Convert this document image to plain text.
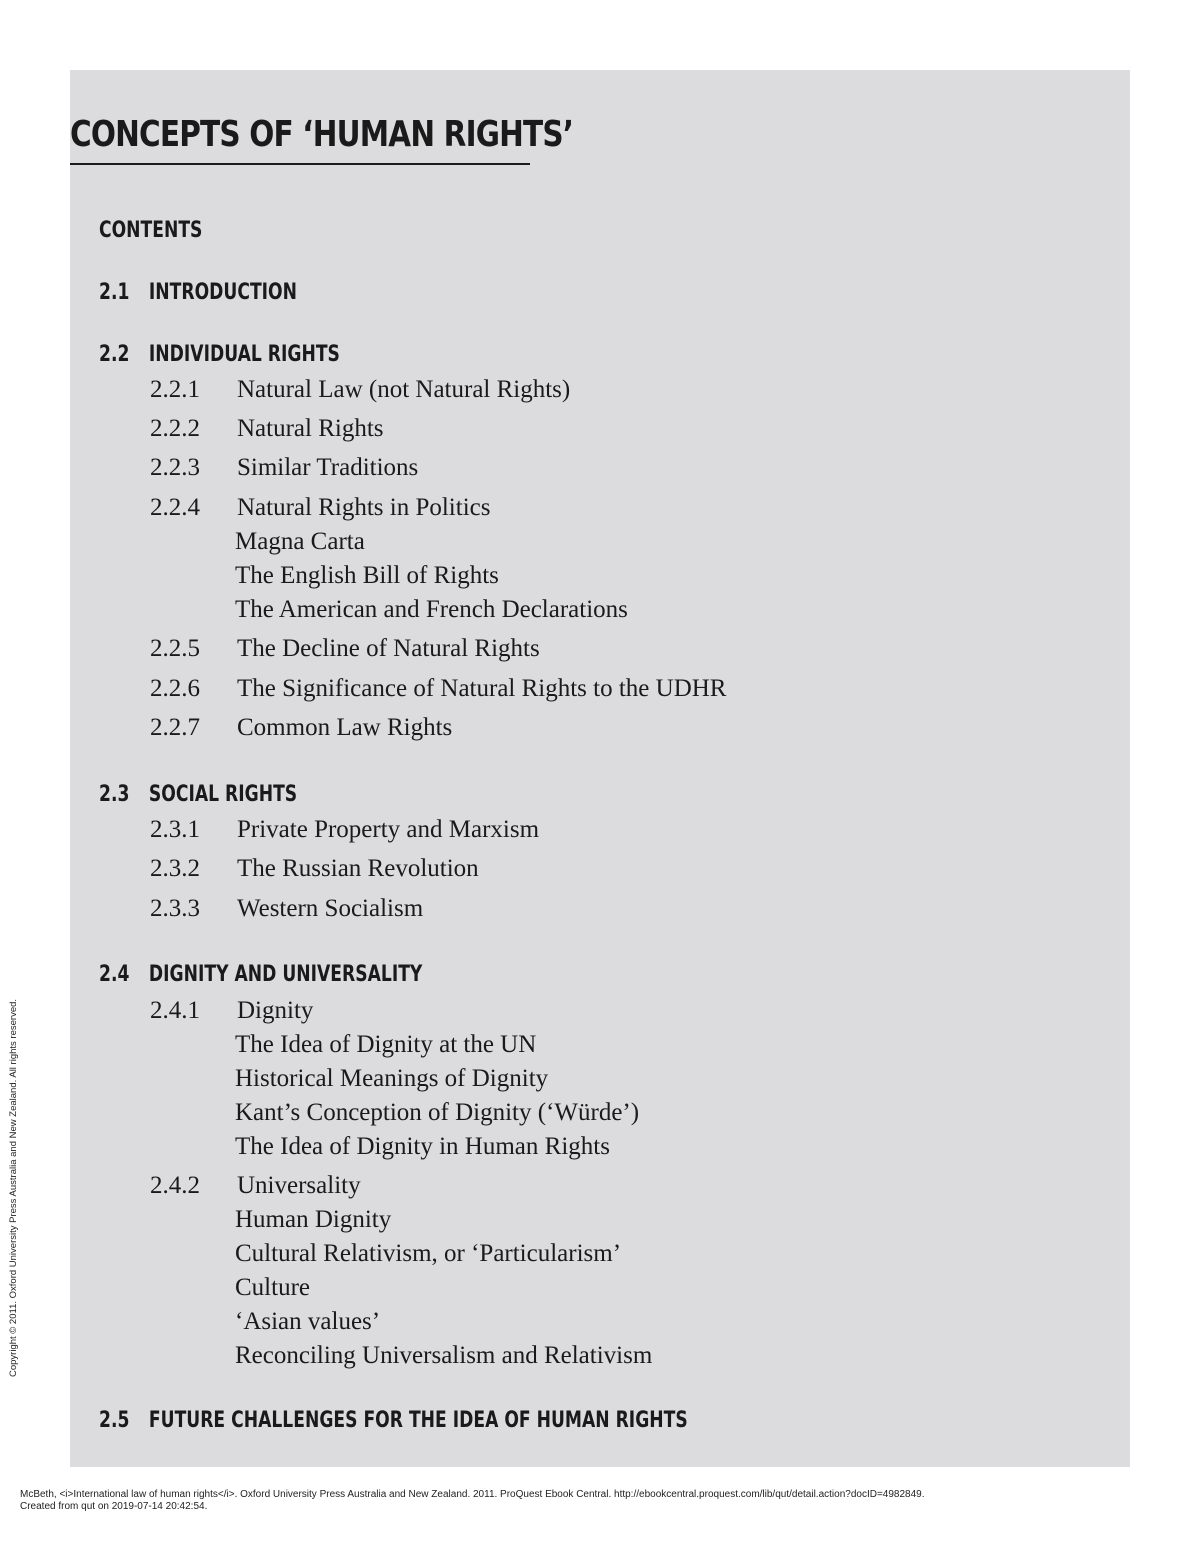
CONCEPTS OF ‘HUMAN RIGHTS’
CONTENTS
2.1 INTRODUCTION
2.2 INDIVIDUAL RIGHTS

2.2.1 Natural Law (not Natural Rights)

2.2.2 Natural Rights

2.2.3 Similar Traditions

2.2.4 Natural Rights in Politics

Magna Carta

The English Bill of Rights

The American and French Declarations

2.2.5 The Decline of Natural Rights

2.2.6 The Significance of Natural Rights to the UDHR

2.2.7 Common Law Rights

2.3 SOCIAL RIGHTS

2.3.1 Private Property and Marxism

2.3.2 The Russian Revolution

2.3.3 Western Socialism

2.4 DIGNITY AND UNIVERSALITY

2.4.1 Dignity

The Idea of Dignity at the UN

Historical Meanings of Dignity

Kant’s Conception of Dignity (‘Würde’)

The Idea of Dignity in Human Rights

2.4.2 Universality

Human Dignity

Cultural Relativism, or ‘Particularism’

Culture

‘Asian values’

Reconciling Universalism and Relativism

2.5 FUTURE CHALLENGES FOR THE IDEA OF HUMAN RIGHTS
Copyright © 2011. Oxford University Press Australia and New Zealand. All rights reserved.
McBeth, <i>International law of human rights</i>. Oxford University Press Australia and New Zealand. 2011. ProQuest Ebook Central. http://ebookcentral.proquest.com/lib/qut/detail.action?docID=4982849.
Created from qut on 2019-07-14 20:42:54.
